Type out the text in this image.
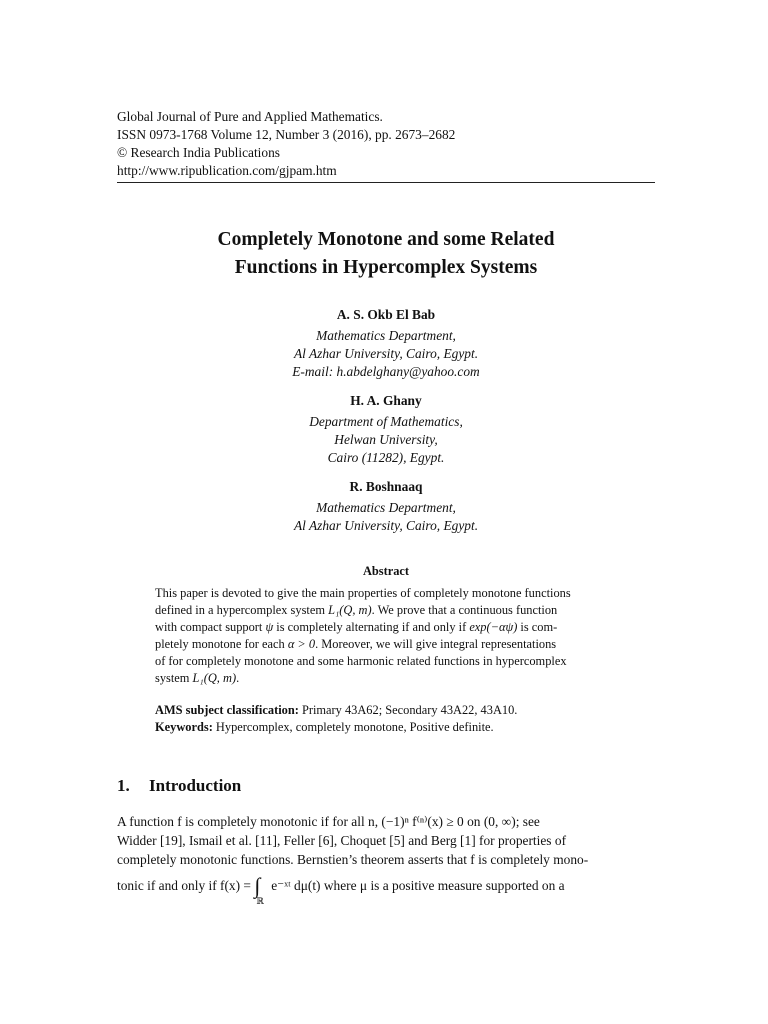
Global Journal of Pure and Applied Mathematics.
ISSN 0973-1768 Volume 12, Number 3 (2016), pp. 2673–2682
© Research India Publications
http://www.ripublication.com/gjpam.htm
Completely Monotone and some Related
Functions in Hypercomplex Systems
A. S. Okb El Bab
Mathematics Department,
Al Azhar University, Cairo, Egypt.
E-mail: h.abdelghany@yahoo.com
H. A. Ghany
Department of Mathematics,
Helwan University,
Cairo (11282), Egypt.
R. Boshnaaq
Mathematics Department,
Al Azhar University, Cairo, Egypt.
Abstract
This paper is devoted to give the main properties of completely monotone functions
defined in a hypercomplex system L₁(Q, m). We prove that a continuous function
with compact support ψ is completely alternating if and only if exp(−αψ) is com-
pletely monotone for each α > 0. Moreover, we will give integral representations
of for completely monotone and some harmonic related functions in hypercomplex
system L₁(Q, m).
AMS subject classification: Primary 43A62; Secondary 43A22, 43A10.
Keywords: Hypercomplex, completely monotone, Positive definite.
1. Introduction
A function f is completely monotonic if for all n, (−1)ⁿ f⁽ⁿ⁾(x) ≥ 0 on (0, ∞); see
Widder [19], Ismail et al. [11], Feller [6], Choquet [5] and Berg [1] for properties of
completely monotonic functions. Bernstien’s theorem asserts that f is completely mono-
tonic if and only if $f(x) = \int_ℝ$ e⁻ˣᵗ dμ(t) where μ is a positive measure supported on a
